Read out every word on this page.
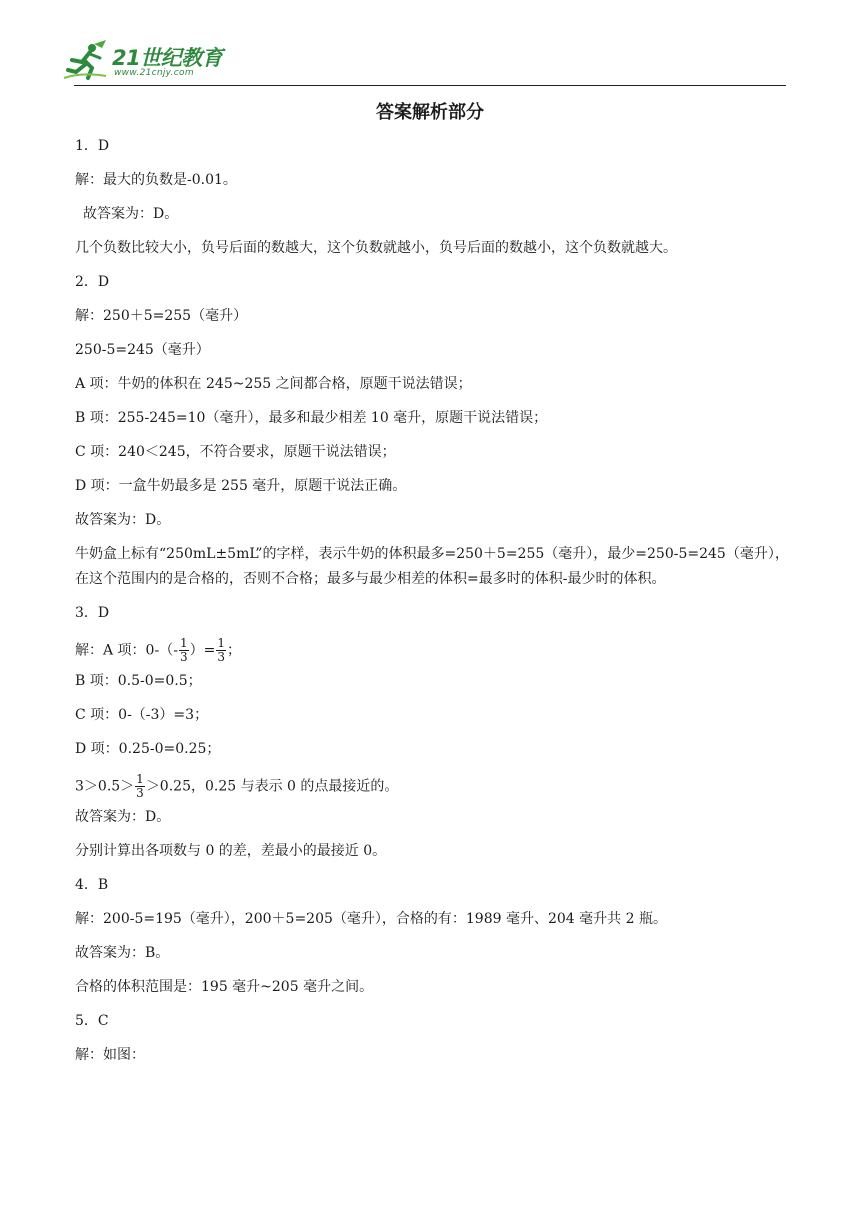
21世纪教育
www.21cnjy.com
答案解析部分
1．D
解：最大的负数是-0.01。
故答案为：D。
几个负数比较大小，负号后面的数越大，这个负数就越小，负号后面的数越小，这个负数就越大。
2．D
解：250＋5=255（毫升）
250-5=245（毫升）
A 项：牛奶的体积在 245~255 之间都合格，原题干说法错误；
B 项：255-245=10（毫升），最多和最少相差 10 毫升，原题干说法错误；
C 项：240＜245，不符合要求，原题干说法错误；
D 项：一盒牛奶最多是 255 毫升，原题干说法正确。
故答案为：D。
牛奶盒上标有“250mL±5mL”的字样，表示牛奶的体积最多=250＋5=255（毫升），最少=250-5=245（毫升），
在这个范围内的是合格的，否则不合格；最多与最少相差的体积=最多时的体积-最少时的体积。
3．D
解：A 项：$0-(- \frac{1}{3}$ ）= $\frac{1}{3}$ ；
B 项：0.5-0=0.5；
C 项：0-（-3）=3；
D 项：0.25-0=0.25；
$3>0.5> \frac{1}{3} >0.25$，0.25 与表示 0 的点最接近的。
故答案为：D。
分别计算出各项数与 0 的差，差最小的最接近 0。
4．B
解：200-5=195（毫升），200＋5=205（毫升），合格的有：1989 毫升、204 毫升共 2 瓶。
故答案为：B。
合格的体积范围是：195 毫升~205 毫升之间。
5．C
解：如图：
